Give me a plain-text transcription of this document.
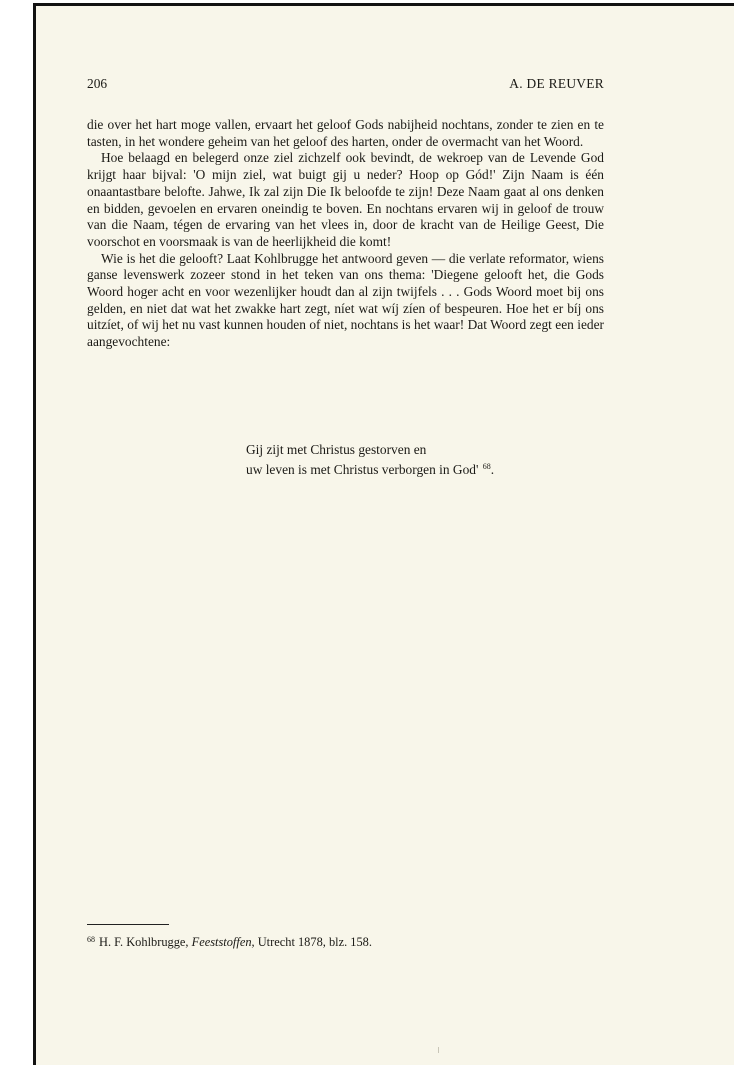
206	A. DE REUVER

die over het hart moge vallen, ervaart het geloof Gods nabijheid nochtans, zonder te zien en te tasten, in het wondere geheim van het geloof des harten, onder de overmacht van het Woord.

Hoe belaagd en belegerd onze ziel zichzelf ook bevindt, de wekroep van de Levende God krijgt haar bijval: 'O mijn ziel, wat buigt gij u neder? Hoop op Gód!' Zijn Naam is één onaantastbare belofte. Jahwe, Ik zal zijn Die Ik beloofde te zijn! Deze Naam gaat al ons denken en bidden, gevoelen en ervaren oneindig te boven. En nochtans ervaren wij in geloof de trouw van die Naam, tégen de ervaring van het vlees in, door de kracht van de Heilige Geest, Die voorschot en voorsmaak is van de heerlijkheid die komt!

Wie is het die gelooft? Laat Kohlbrugge het antwoord geven — die verlate reformator, wiens ganse levenswerk zozeer stond in het teken van ons thema: 'Diegene gelooft het, die Gods Woord hoger acht en voor wezenlijker houdt dan al zijn twijfels . . . Gods Woord moet bij ons gelden, en niet dat wat het zwakke hart zegt, níet wat wíj zíen of bespeuren. Hoe het er bíj ons uitzíet, of wij het nu vast kunnen houden of niet, nochtans is het waar! Dat Woord zegt een ieder aangevochtene:

Gij zijt met Christus gestorven en
uw leven is met Christus verborgen in God' $^{68}$.
$^{68}$ H. F. Kohlbrugge, Feeststoffen, Utrecht 1878, blz. 158.
